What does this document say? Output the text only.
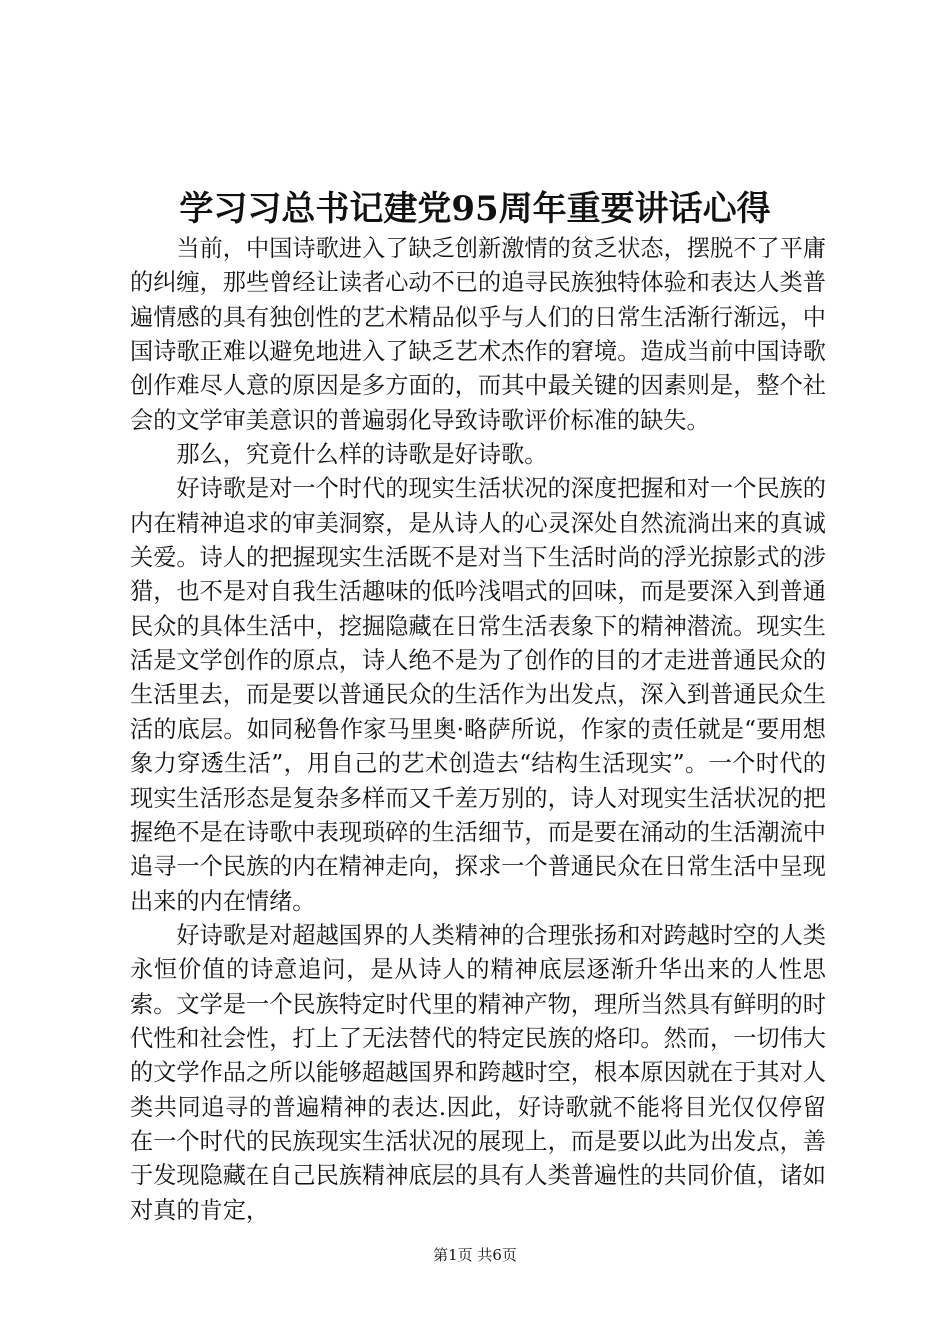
学习习总书记建党95周年重要讲话心得

当前，中国诗歌进入了缺乏创新激情的贫乏状态，摆脱不了平庸的纠缠，那些曾经让读者心动不已的追寻民族独特体验和表达人类普遍情感的具有独创性的艺术精品似乎与人们的日常生活渐行渐远，中国诗歌正难以避免地进入了缺乏艺术杰作的窘境。造成当前中国诗歌创作难尽人意的原因是多方面的，而其中最关键的因素则是，整个社会的文学审美意识的普遍弱化导致诗歌评价标准的缺失。

那么，究竟什么样的诗歌是好诗歌。

好诗歌是对一个时代的现实生活状况的深度把握和对一个民族的内在精神追求的审美洞察，是从诗人的心灵深处自然流淌出来的真诚关爱。诗人的把握现实生活既不是对当下生活时尚的浮光掠影式的涉猎，也不是对自我生活趣味的低吟浅唱式的回味，而是要深入到普通民众的具体生活中，挖掘隐藏在日常生活表象下的精神潜流。现实生活是文学创作的原点，诗人绝不是为了创作的目的才走进普通民众的生活里去，而是要以普通民众的生活作为出发点，深入到普通民众生活的底层。如同秘鲁作家马里奥·略萨所说，作家的责任就是“要用想象力穿透生活”，用自己的艺术创造去“结构生活现实”。一个时代的现实生活形态是复杂多样而又千差万别的，诗人对现实生活状况的把握绝不是在诗歌中表现琐碎的生活细节，而是要在涌动的生活潮流中追寻一个民族的内在精神走向，探求一个普通民众在日常生活中呈现出来的内在情绪。

好诗歌是对超越国界的人类精神的合理张扬和对跨越时空的人类永恒价值的诗意追问，是从诗人的精神底层逐渐升华出来的人性思索。文学是一个民族特定时代里的精神产物，理所当然具有鲜明的时代性和社会性，打上了无法替代的特定民族的烙印。然而，一切伟大的文学作品之所以能够超越国界和跨越时空，根本原因就在于其对人类共同追寻的普遍精神的表达.因此，好诗歌就不能将目光仅仅停留在一个时代的民族现实生活状况的展现上，而是要以此为出发点，善于发现隐藏在自己民族精神底层的具有人类普遍性的共同价值，诸如对真的肯定，

第1页 共6页
